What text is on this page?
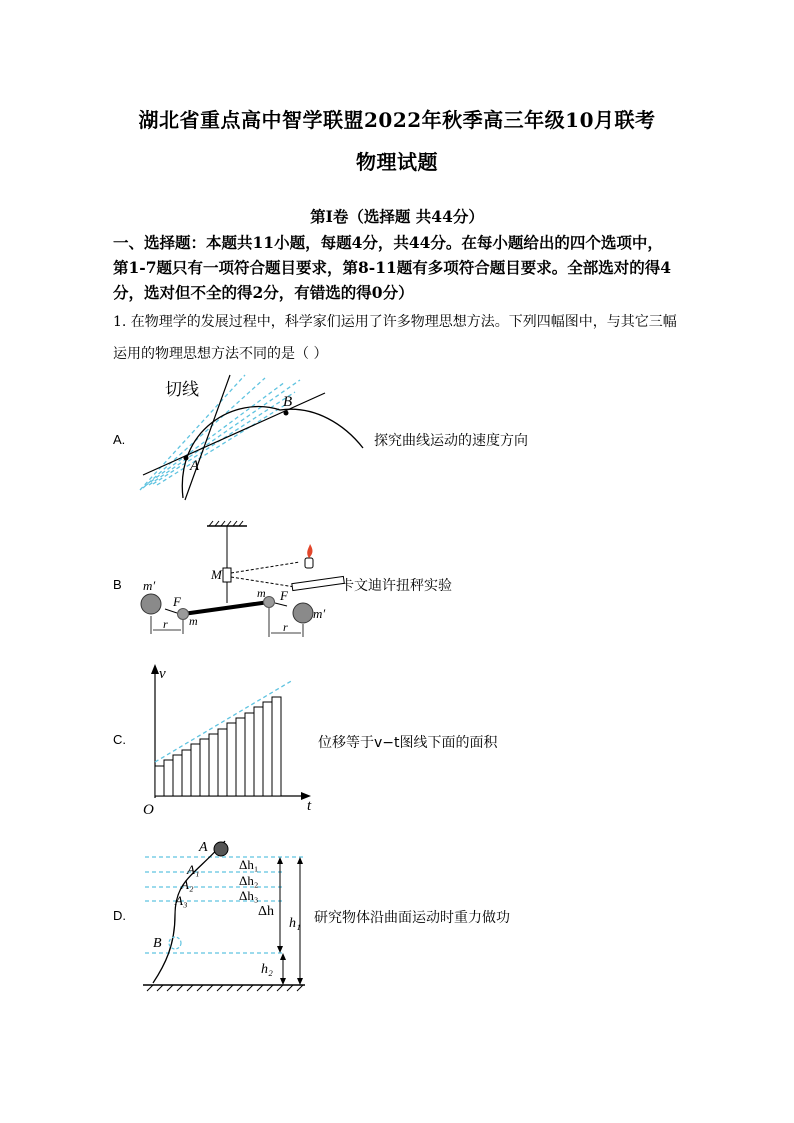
湖北省重点高中智学联盟2022年秋季高三年级10月联考
物理试题
第I卷（选择题 共44分）
一、选择题：本题共11小题，每题4分，共44分。在每小题给出的四个选项中，
第1-7题只有一项符合题目要求，第8-11题有多项符合题目要求。全部选对的得4
分，选对但不全的得2分，有错选的得0分）
1. 在物理学的发展过程中，科学家们运用了许多物理思想方法。下列四幅图中，与其它三幅
运用的物理思想方法不同的是（ ）
A.
切线
A
B
探究曲线运动的速度方向
B
M
m′
m′
F	F
m
m
r	r
卡文迪许扭秤实验
C.
v
t
O
位移等于v−t图线下面的面积
D.
A
A₁
A₂
A₃
B
Δh₁
Δh₂
Δh₃
Δh
h₁
h₂
研究物体沿曲面运动时重力做功
